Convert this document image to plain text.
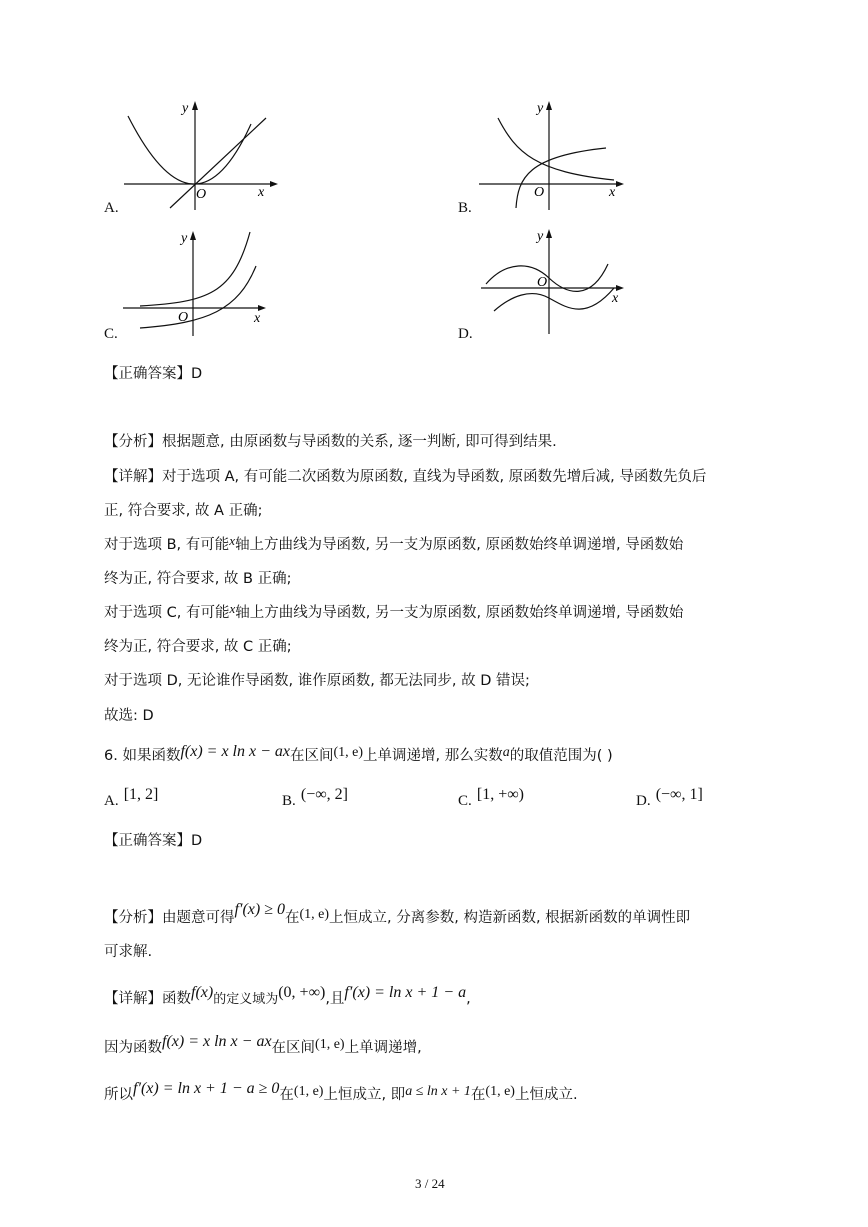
y
x
O
A.
y
x
O
B.
y
x
O
C.
y
x
O
D.
【正确答案】D
【分析】根据题意, 由原函数与导函数的关系, 逐一判断, 即可得到结果.
【详解】对于选项 A, 有可能二次函数为原函数, 直线为导函数, 原函数先增后减, 导函数先负后
正, 符合要求, 故 A 正确;
对于选项 B, 有可能x轴上方曲线为导函数, 另一支为原函数, 原函数始终单调递增, 导函数始
终为正, 符合要求, 故 B 正确;
对于选项 C, 有可能x轴上方曲线为导函数, 另一支为原函数, 原函数始终单调递增, 导函数始
终为正, 符合要求, 故 C 正确;
对于选项 D, 无论谁作导函数, 谁作原函数, 都无法同步, 故 D 错误;
故选: D
6. 如果函数f(x) = x ln x − ax在区间(1, e)上单调递增, 那么实数a的取值范围为( )
A. [1, 2]	B. (−∞, 2]	C. [1, +∞)	D. (−∞, 1]
【正确答案】D
【分析】由题意可得f′(x) ≥ 0在(1, e)上恒成立, 分离参数, 构造新函数, 根据新函数的单调性即
可求解.
【详解】函数f(x)的定义域为(0, +∞),且f′(x) = ln x + 1 − a,
因为函数f(x) = x ln x − ax在区间(1, e)上单调递增,
所以f′(x) = ln x + 1 − a ≥ 0在(1, e)上恒成立, 即a ≤ ln x + 1在(1, e)上恒成立.
3 / 24
